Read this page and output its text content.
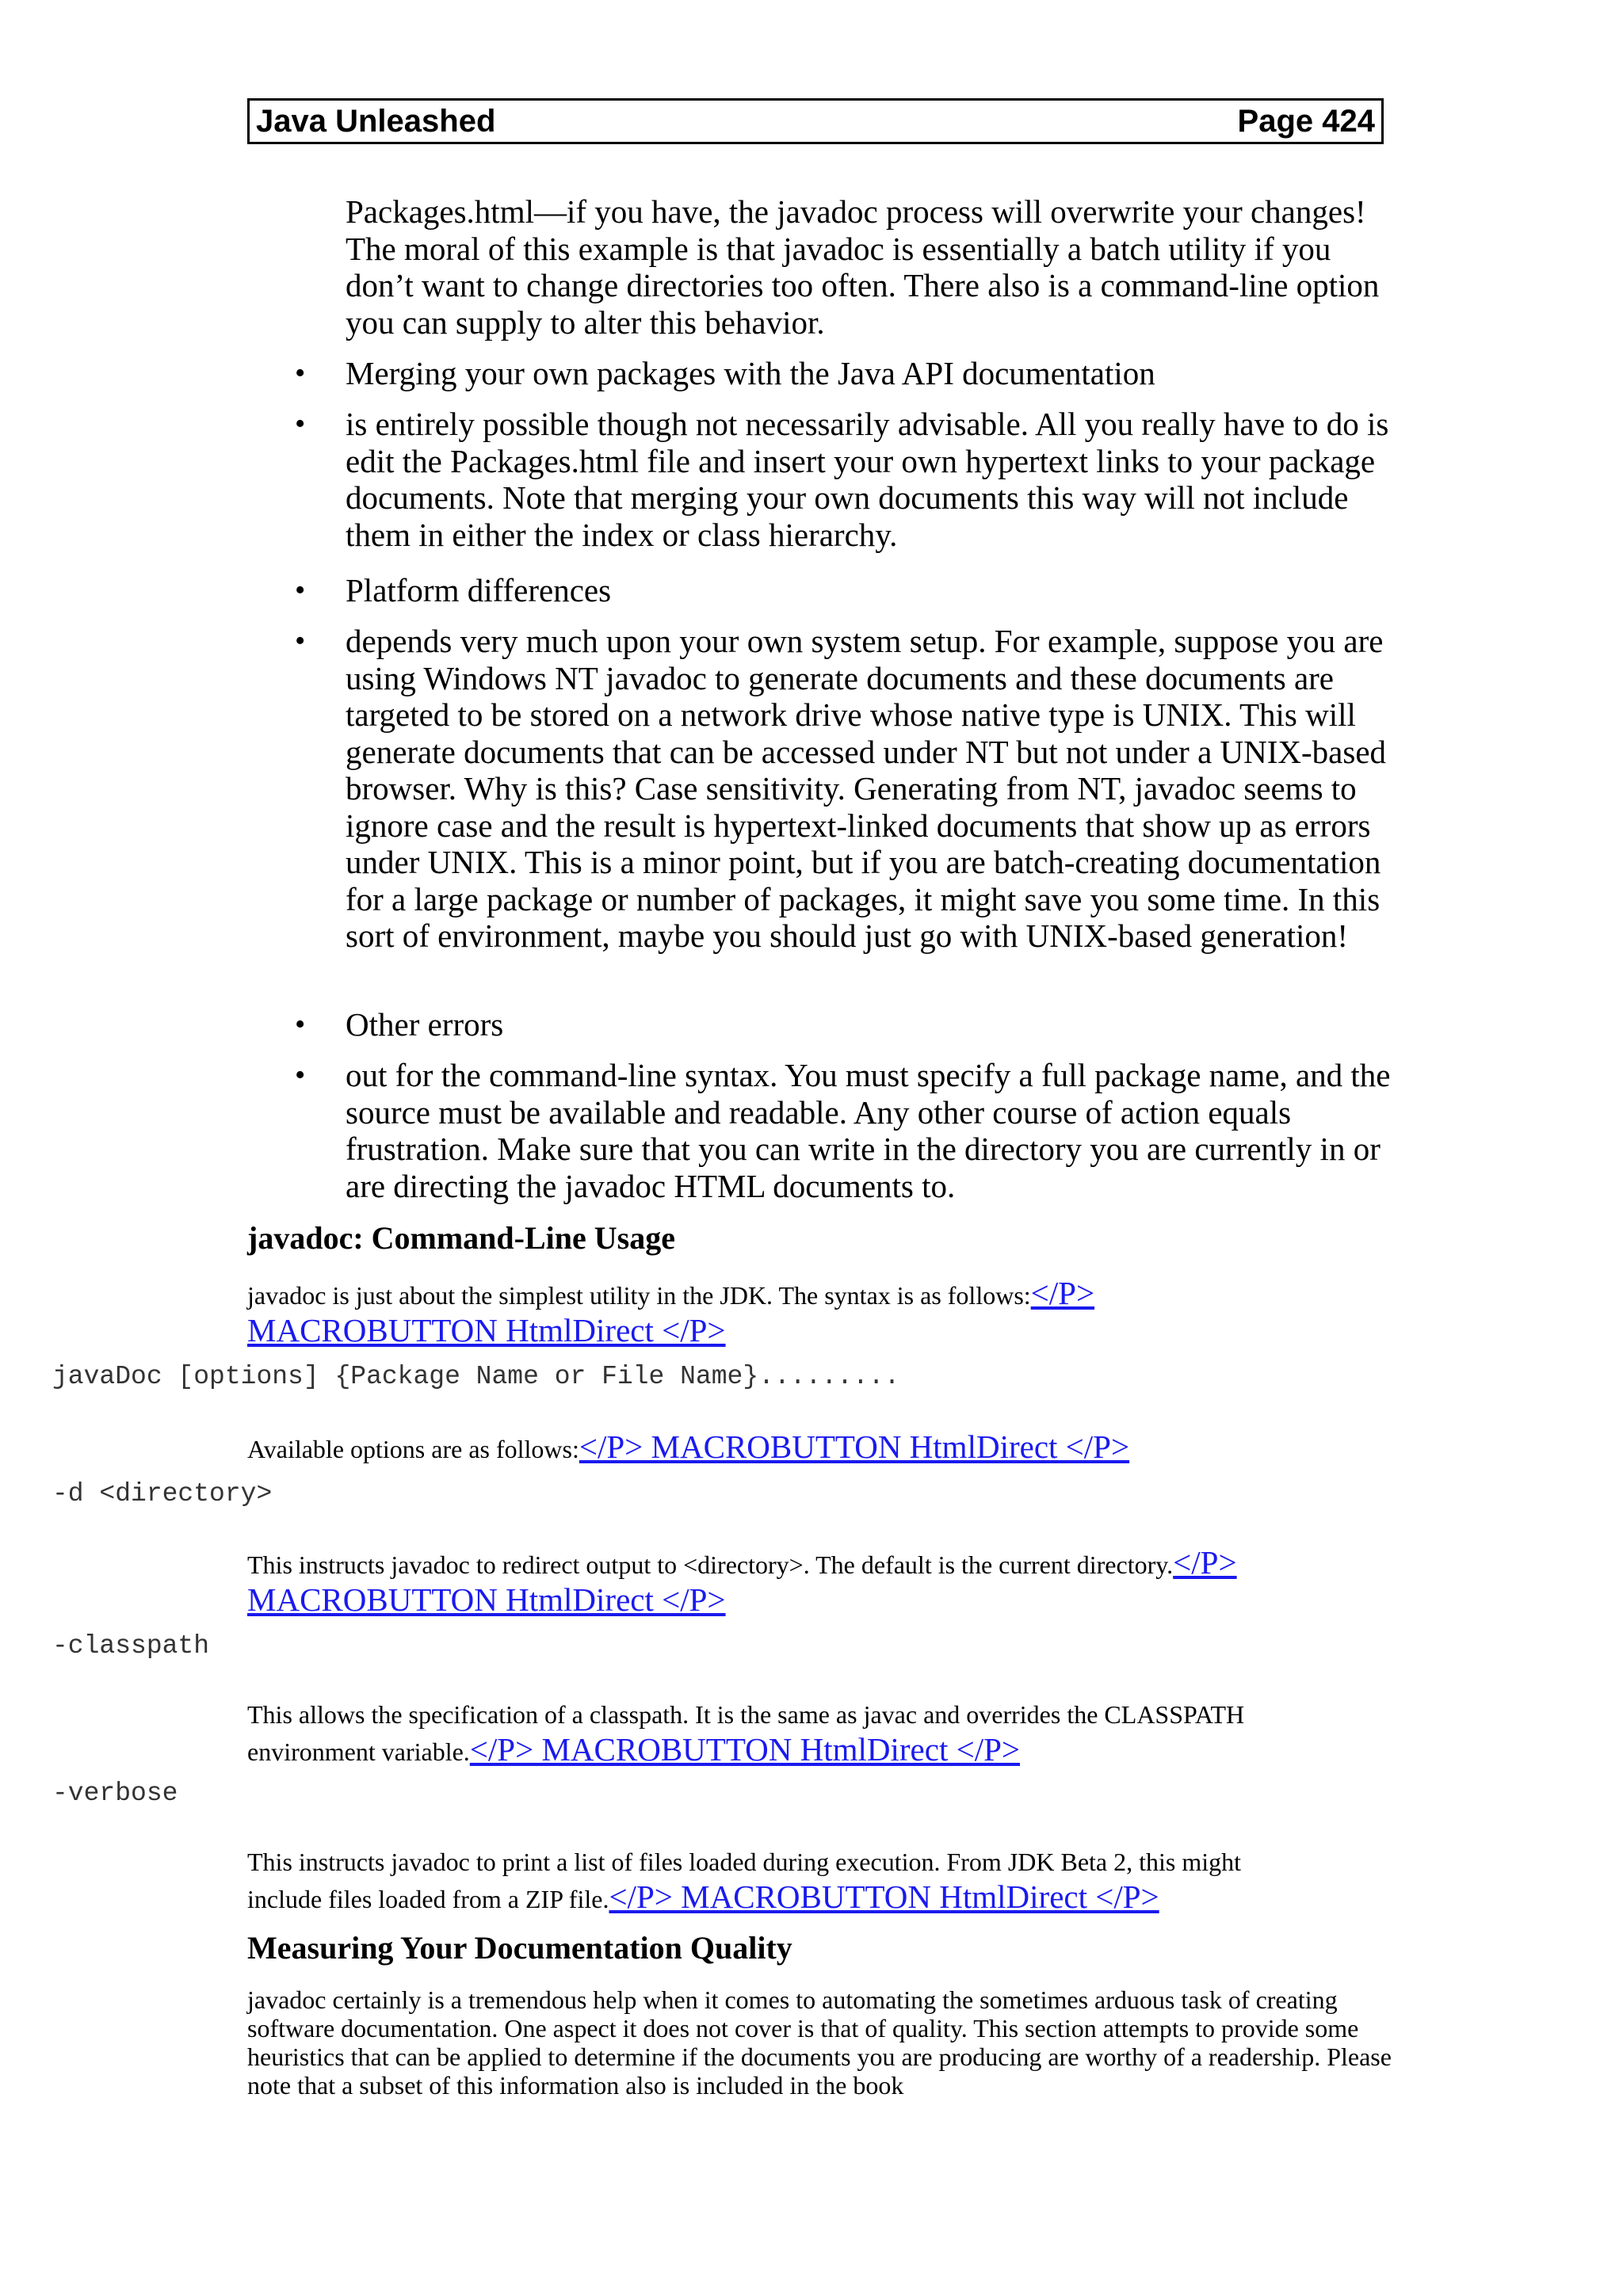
Java Unleashed	Page 424
Packages.html—if you have, the javadoc process will overwrite your changes! The moral of this example is that javadoc is essentially a batch utility if you don’t want to change directories too often. There also is a command-line option you can supply to alter this behavior.
• Merging your own packages with the Java API documentation
• is entirely possible though not necessarily advisable. All you really have to do is edit the Packages.html file and insert your own hypertext links to your package documents. Note that merging your own documents this way will not include them in either the index or class hierarchy.
• Platform differences
• depends very much upon your own system setup. For example, suppose you are using Windows NT javadoc to generate documents and these documents are targeted to be stored on a network drive whose native type is UNIX. This will generate documents that can be accessed under NT but not under a UNIX-based browser. Why is this? Case sensitivity. Generating from NT, javadoc seems to ignore case and the result is hypertext-linked documents that show up as errors under UNIX. This is a minor point, but if you are batch-creating documentation for a large package or number of packages, it might save you some time. In this sort of environment, maybe you should just go with UNIX-based generation!
• Other errors
• out for the command-line syntax. You must specify a full package name, and the source must be available and readable. Any other course of action equals frustration. Make sure that you can write in the directory you are currently in or are directing the javadoc HTML documents to.
javadoc: Command-Line Usage
javadoc is just about the simplest utility in the JDK. The syntax is as follows:</P>
MACROBUTTON HtmlDirect </P>
javaDoc [options] {Package Name or File Name}.........
Available options are as follows:</P> MACROBUTTON HtmlDirect </P>
-d <directory>
This instructs javadoc to redirect output to <directory>. The default is the current directory.</P>
MACROBUTTON HtmlDirect </P>
-classpath
This allows the specification of a classpath. It is the same as javac and overrides the CLASSPATH
environment variable.</P> MACROBUTTON HtmlDirect </P>
-verbose
This instructs javadoc to print a list of files loaded during execution. From JDK Beta 2, this might
include files loaded from a ZIP file.</P> MACROBUTTON HtmlDirect </P>
Measuring Your Documentation Quality
javadoc certainly is a tremendous help when it comes to automating the sometimes arduous task of creating software documentation. One aspect it does not cover is that of quality. This section attempts to provide some heuristics that can be applied to determine if the documents you are producing are worthy of a readership. Please note that a subset of this information also is included in the book
